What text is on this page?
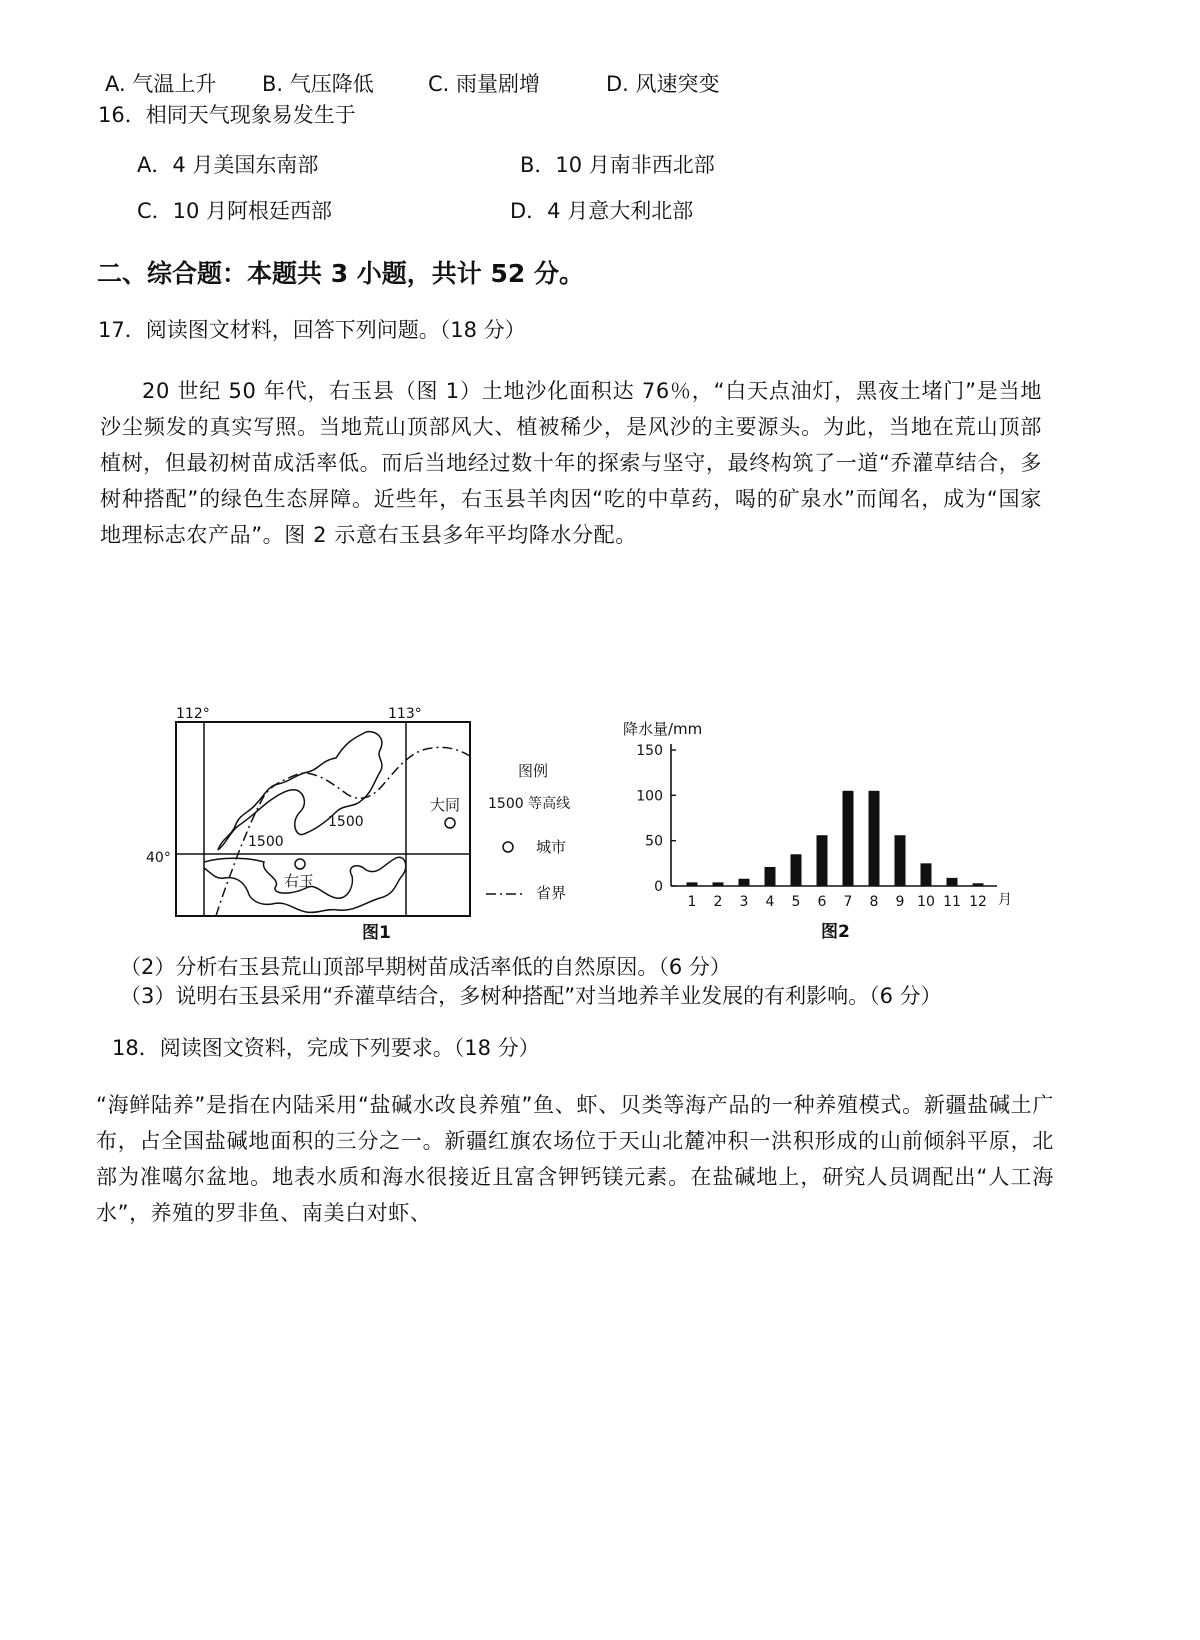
A. 气温上升 B. 气压降低	C. 雨量剧增	D. 风速突变
16．相同天气现象易发生于
A．4 月美国东南部	B．10 月南非西北部
C．10 月阿根廷西部	D．4 月意大利北部
二、综合题：本题共 3 小题，共计 52 分。
17．阅读图文材料，回答下列问题。（18 分）

20 世纪 50 年代，右玉县（图 1）土地沙化面积达 76％，“白天点油灯，黑夜土堵门”是当地沙尘频发的真实写照。当地荒山顶部风大、植被稀少，是风沙的主要源头。为此，当地在荒山顶部植树，但最初树苗成活率低。而后当地经过数十年的探索与坚守，最终构筑了一道“乔灌草结合，多树种搭配”的绿色生态屏障。近些年，右玉县羊肉因“吃的中草药，喝的矿泉水”而闻名，成为“国家地理标志农产品”。图 2 示意右玉县多年平均降水分配。

112°	113°
40°
1500
1500
右玉
大同
图例
1500 等高线
城市
省界
图1
降水量/mm
0
50
100
150
1 2 3 4 5 6 7 8 9 10 11 12 月
图2
（2）分析右玉县荒山顶部早期树苗成活率低的自然原因。（6 分）
（3）说明右玉县采用“乔灌草结合，多树种搭配”对当地养羊业发展的有利影响。（6 分）
18．阅读图文资料，完成下列要求。（18 分）

“海鲜陆养”是指在内陆采用“盐碱水改良养殖”鱼、虾、贝类等海产品的一种养殖模式。新疆盐碱土广布，占全国盐碱地面积的三分之一。新疆红旗农场位于天山北麓冲积一洪积形成的山前倾斜平原，北部为准噶尔盆地。地表水质和海水很接近且富含钾钙镁元素。在盐碱地上，研究人员调配出“人工海水”，养殖的罗非鱼、南美白对虾、
